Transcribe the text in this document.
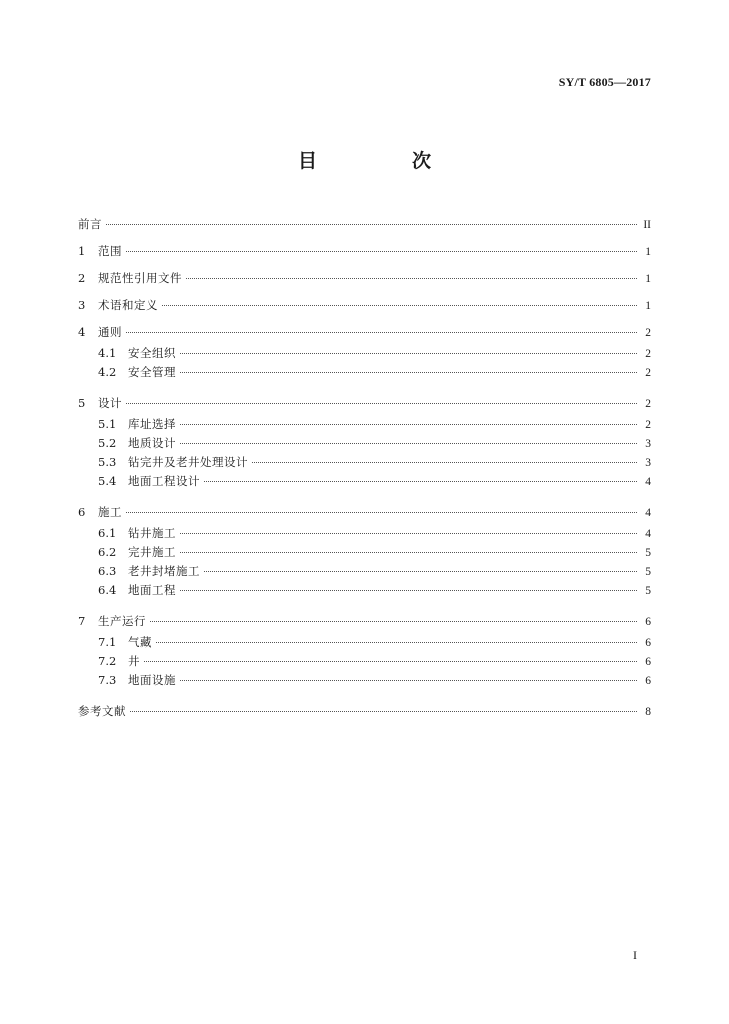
SY/T 6805—2017
目　次
前言	II
1	范围	1
2	规范性引用文件	1
3	术语和定义	1
4	通则	2
4.1	安全组织	2
4.2	安全管理	2
5	设计	2
5.1	库址选择	2
5.2	地质设计	3
5.3	钻完井及老井处理设计	3
5.4	地面工程设计	4
6	施工	4
6.1	钻井施工	4
6.2	完井施工	5
6.3	老井封堵施工	5
6.4	地面工程	5
7	生产运行	6
7.1	气藏	6
7.2	井	6
7.3	地面设施	6
参考文献	8
I
